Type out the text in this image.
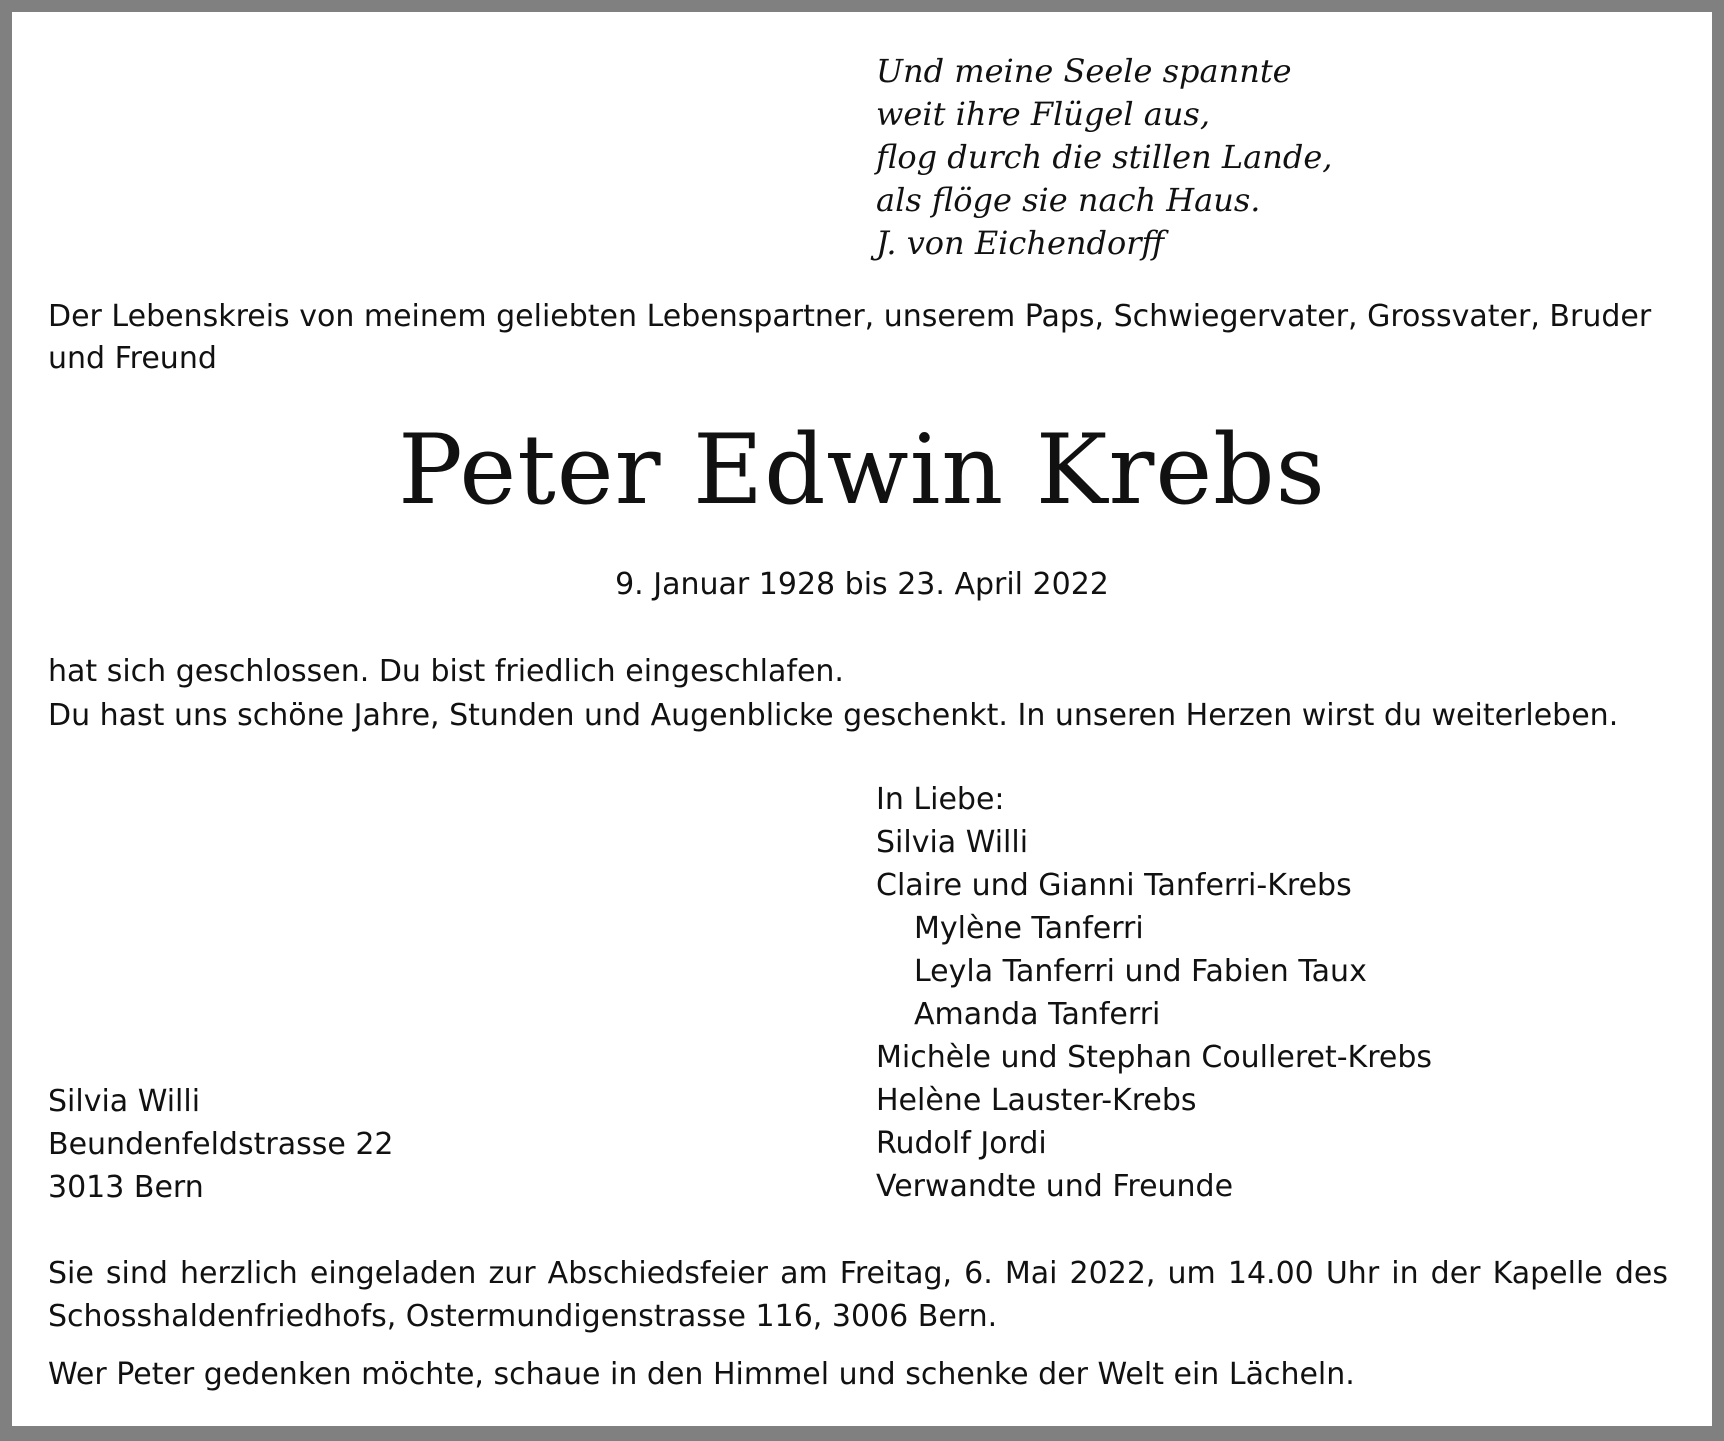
Und meine Seele spannte
weit ihre Flügel aus,
flog durch die stillen Lande,
als flöge sie nach Haus.
J. von Eichendorff
Der Lebenskreis von meinem geliebten Lebenspartner, unserem Paps, Schwiegervater, Grossvater, Bruder und Freund
Peter Edwin Krebs
9. Januar 1928 bis 23. April 2022
hat sich geschlossen. Du bist friedlich eingeschlafen.
Du hast uns schöne Jahre, Stunden und Augenblicke geschenkt. In unseren Herzen wirst du weiterleben.
In Liebe:
Silvia Willi
Claire und Gianni Tanferri-Krebs
Mylène Tanferri
Leyla Tanferri und Fabien Taux
Amanda Tanferri
Michèle und Stephan Coulleret-Krebs
Helène Lauster-Krebs
Rudolf Jordi
Verwandte und Freunde
Silvia Willi
Beundenfeldstrasse 22
3013 Bern
Sie sind herzlich eingeladen zur Abschiedsfeier am Freitag, 6. Mai 2022, um 14.00 Uhr in der Kapelle des Schosshaldenfriedhofs, Ostermundigenstrasse 116, 3006 Bern.
Wer Peter gedenken möchte, schaue in den Himmel und schenke der Welt ein Lächeln.
